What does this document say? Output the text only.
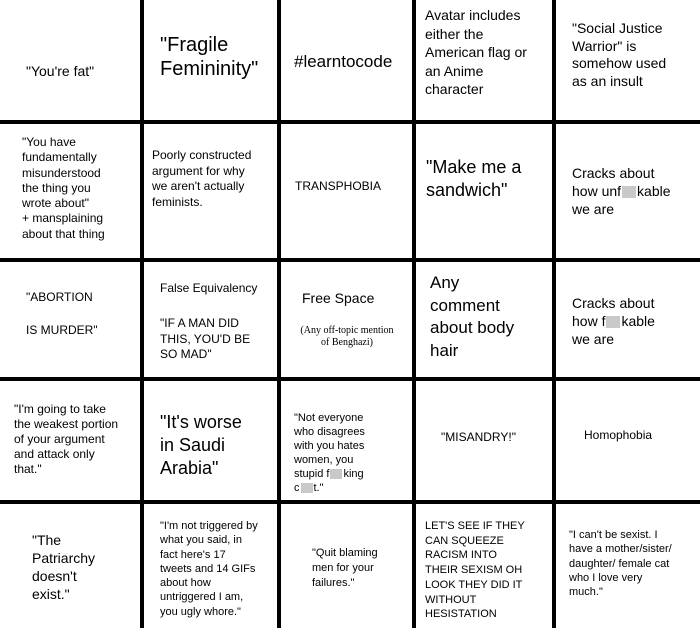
"You're fat"

"Fragile
Femininity" #learntocode

Avatar includes
either the
American flag or
an Anime
character

"Social Justice
Warrior" is
somehow used
as an insult

"You have
fundamentally
misunderstood
the thing you
wrote about"
+ mansplaining
about that thing

Poorly constructed
argument for why
we aren't actually
feminists.

TRANSPHOBIA

"Make me a
sandwich"

Cracks about
how unf kable
we are

"ABORTION

IS MURDER"

False Equivalency

"IF A MAN DID
THIS, YOU'D BE
SO MAD"

Free Space

(Any off-topic mention
of Benghazi)

Any
comment
about body
hair

Cracks about
how f kable
we are

"I'm going to take
the weakest portion
of your argument
and attack only
that."

"It's worse
in Saudi
Arabia"

"Not everyone
who disagrees
with you hates
women, you
stupid f king
c t."

"MISANDRY!"	Homophobia

"The
Patriarchy
doesn't
exist."

"I'm not triggered by
what you said, in
fact here's 17
tweets and 14 GIFs
about how
untriggered I am,
you ugly whore."

"Quit blaming
men for your
failures."

LET'S SEE IF THEY
CAN SQUEEZE
RACISM INTO
THEIR SEXISM OH
LOOK THEY DID IT
WITHOUT
HESISTATION

"I can't be sexist. I
have a mother/sister/
daughter/ female cat
who I love very
much."
